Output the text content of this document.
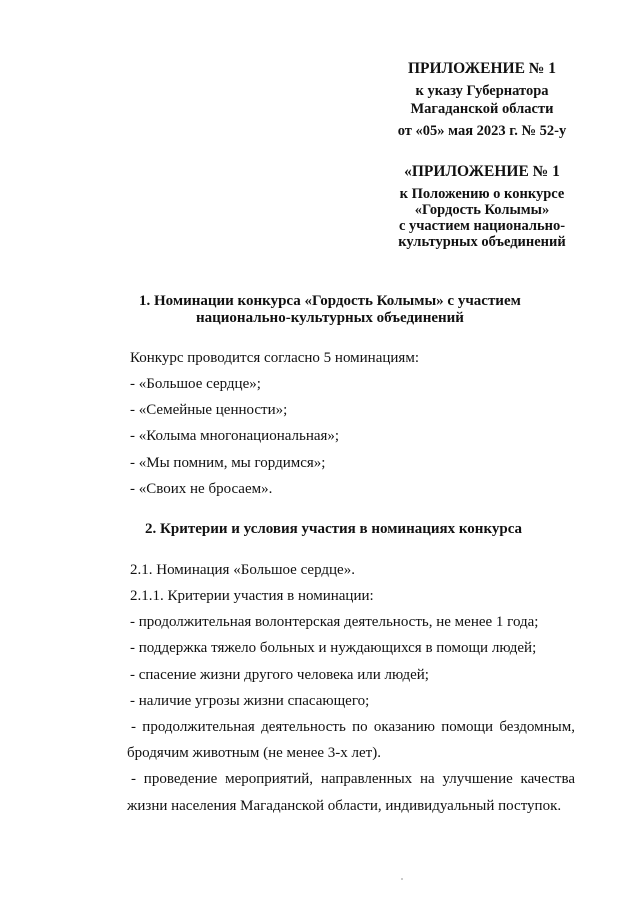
ПРИЛОЖЕНИЕ № 1
к указу Губернатора
Магаданской области
от «05» мая 2023 г. № 52-у
«ПРИЛОЖЕНИЕ № 1
к Положению о конкурсе
«Гордость Колымы»
с участием национально-
культурных объединений
1. Номинации конкурса «Гордость Колымы» с участием
национально-культурных объединений
Конкурс проводится согласно 5 номинациям:
- «Большое сердце»;
- «Семейные ценности»;
- «Колыма многонациональная»;
- «Мы помним, мы гордимся»;
- «Своих не бросаем».
2. Критерии и условия участия в номинациях конкурса
2.1. Номинация «Большое сердце».
2.1.1. Критерии участия в номинации:
- продолжительная волонтерская деятельность, не менее 1 года;
- поддержка тяжело больных и нуждающихся в помощи людей;
- спасение жизни другого человека или людей;
- наличие угрозы жизни спасающего;
- продолжительная деятельность по оказанию помощи бездомным,
бродячим животным (не менее 3-х лет).
- проведение мероприятий, направленных на улучшение качества
жизни населения Магаданской области, индивидуальный поступок.
